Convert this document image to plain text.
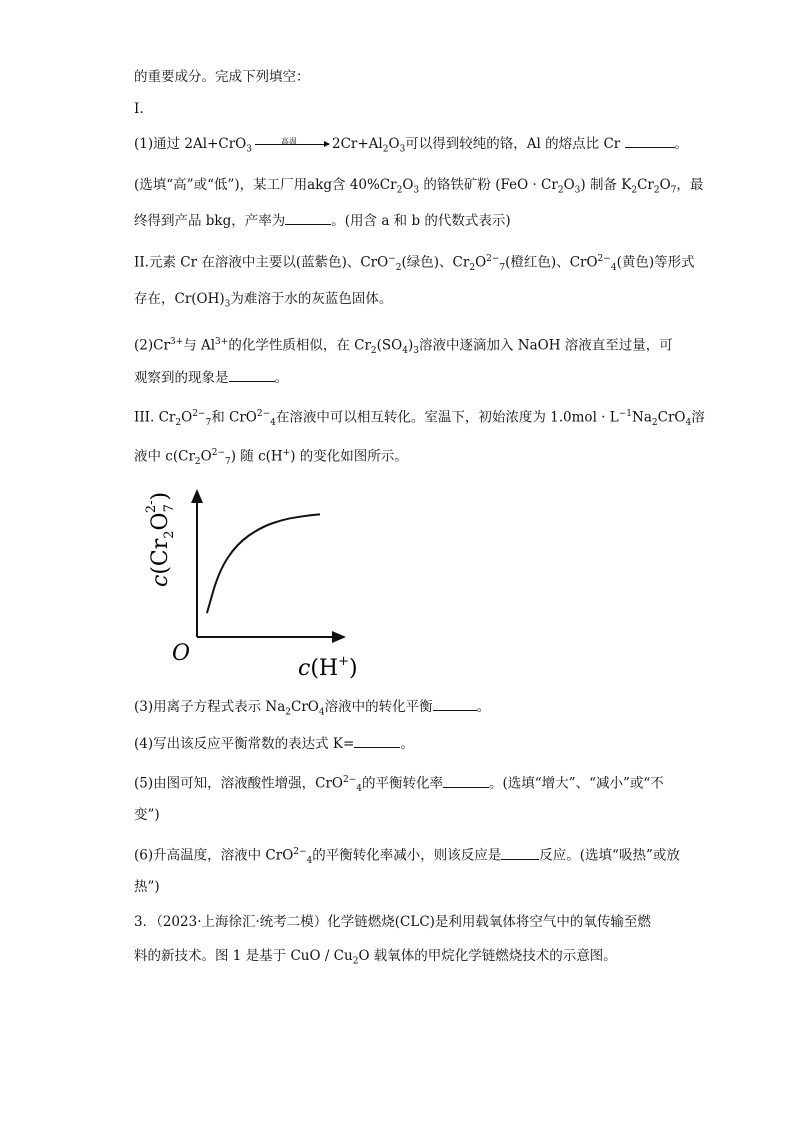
的重要成分。完成下列填空：
I.
(1)通过 2Al+CrO$_3$
高温	$2Cr+Al_2O_3$可以得到较纯的铬，Al 的熔点比 Cr	。
(选填“高”或“低”)，某工厂用akg含 $40\%Cr_2O_3$ 的铬铁矿粉 $(FeO \cdot Cr_2O_3)$ 制备 $K_2Cr_2O_7$，最
终得到产品 bkg，产率为	。(用含 a 和 b 的代数式表示)
II.元素 Cr 在溶液中主要以(蓝紫色)、CrO−$_2$(绿色)、$Cr_2O^{2-}_7$(橙红色)、CrO$^{2-}_4$(黄色)等形式
存在，$Cr(OH)_3$为难溶于水的灰蓝色固体。
$(2)Cr^{3+}$与 $Al^{3+}$的化学性质相似，在 $Cr_2(SO_4)_3$溶液中逐滴加入 NaOH 溶液直至过量，可
观察到的现象是	。
III. $Cr_2O^{2-}_7$和 CrO$^{2-}_4$在溶液中可以相互转化。室温下，初始浓度为 $1.0mol \cdot L^{-1}Na_2CrO_4$溶
液中 $c(Cr_2O^{2-}_7)$ 随 c(H+) 的变化如图所示。
O
c(H+)
$c(Cr_2O_72-)$
(3)用离子方程式表示 $Na_2CrO_4$溶液中的转化平衡	。
(4)写出该反应平衡常数的表达式 K=	。
(5)由图可知，溶液酸性增强，CrO$^{2-}_4$的平衡转化率	。(选填“增大”、“减小”或“不
变”)
(6)升高温度，溶液中 CrO$^{2-}_4$的平衡转化率减小，则该反应是	反应。(选填“吸热”或放
热”)
3．（2023·上海徐汇·统考二模）化学链燃烧(CLC)是利用载氧体将空气中的氧传输至燃
料的新技术。图 1 是基于 CuO / $Cu_2O$ 载氧体的甲烷化学链燃烧技术的示意图。
